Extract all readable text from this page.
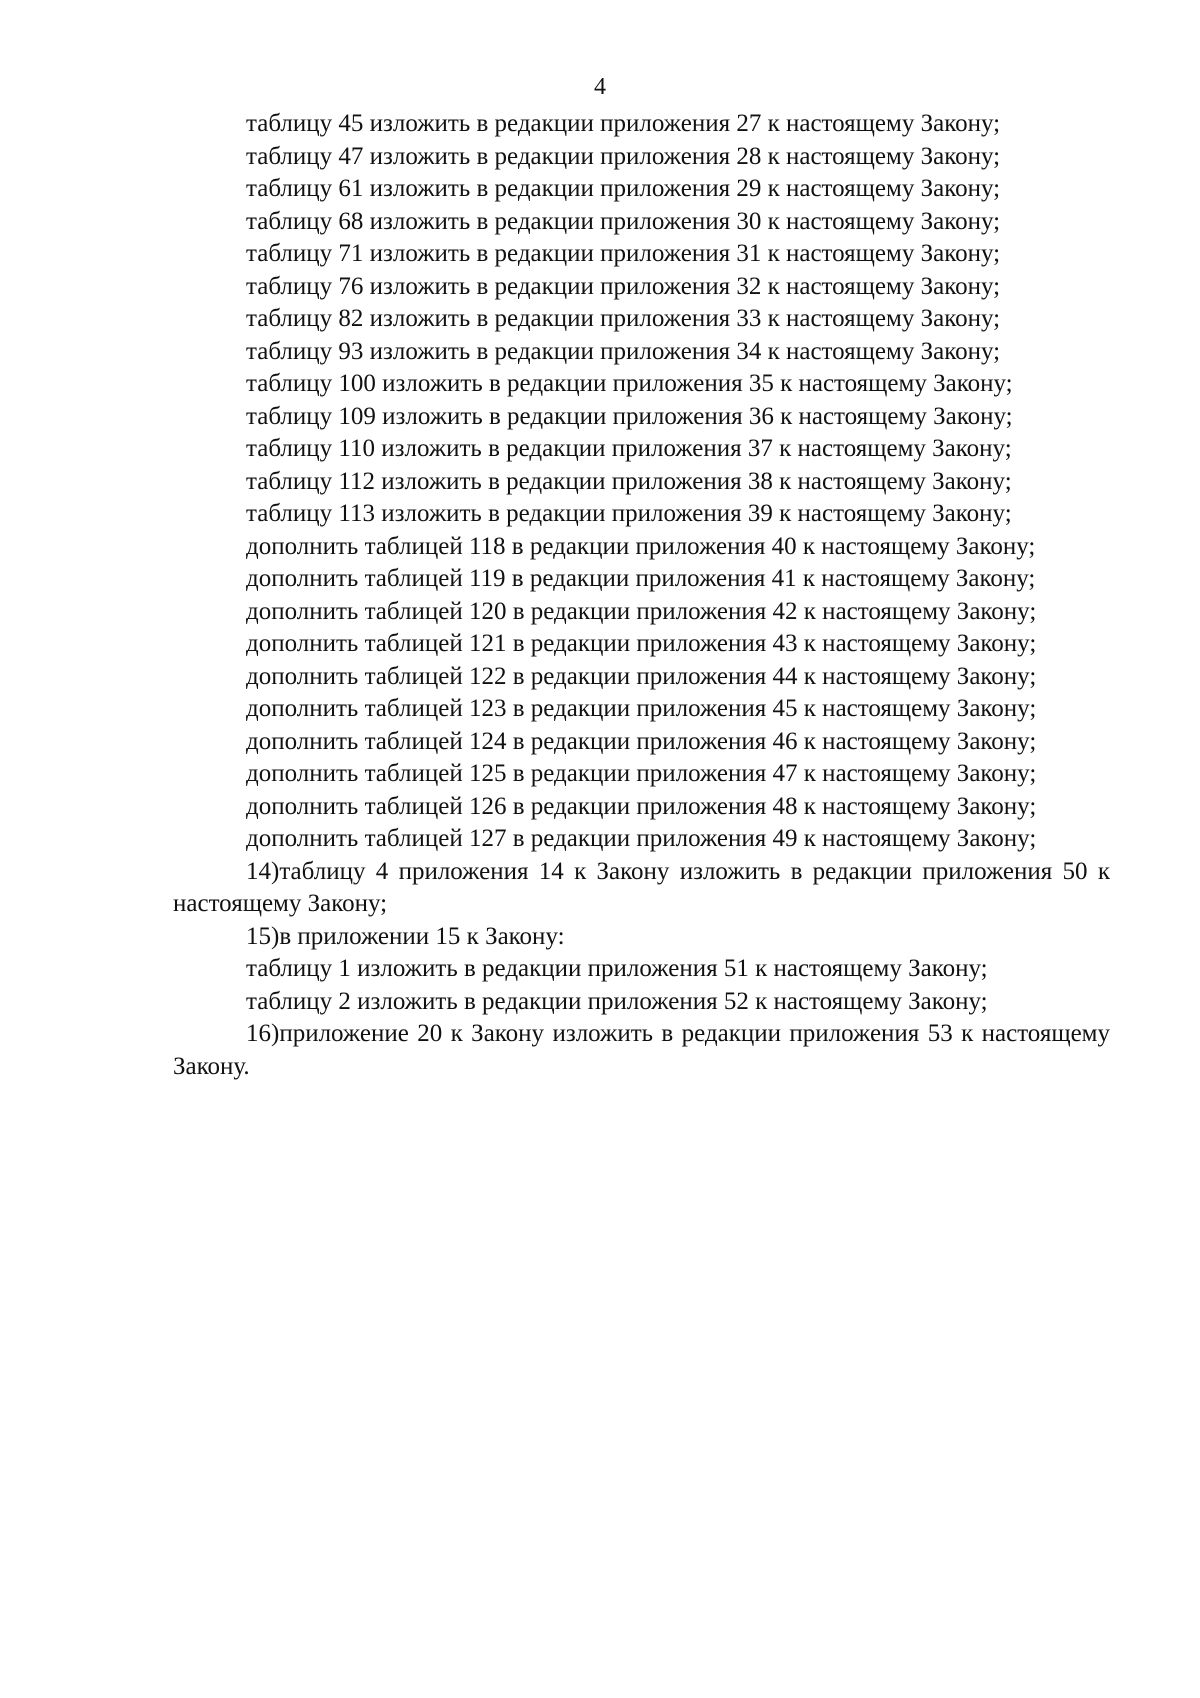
4

таблицу 45 изложить в редакции приложения 27 к настоящему Закону;

таблицу 47 изложить в редакции приложения 28 к настоящему Закону;

таблицу 61 изложить в редакции приложения 29 к настоящему Закону;

таблицу 68 изложить в редакции приложения 30 к настоящему Закону;

таблицу 71 изложить в редакции приложения 31 к настоящему Закону;

таблицу 76 изложить в редакции приложения 32 к настоящему Закону;

таблицу 82 изложить в редакции приложения 33 к настоящему Закону;

таблицу 93 изложить в редакции приложения 34 к настоящему Закону;

таблицу 100 изложить в редакции приложения 35 к настоящему Закону;

таблицу 109 изложить в редакции приложения 36 к настоящему Закону;

таблицу 110 изложить в редакции приложения 37 к настоящему Закону;

таблицу 112 изложить в редакции приложения 38 к настоящему Закону;

таблицу 113 изложить в редакции приложения 39 к настоящему Закону;

дополнить таблицей 118 в редакции приложения 40 к настоящему Закону;

дополнить таблицей 119 в редакции приложения 41 к настоящему Закону;

дополнить таблицей 120 в редакции приложения 42 к настоящему Закону;

дополнить таблицей 121 в редакции приложения 43 к настоящему Закону;

дополнить таблицей 122 в редакции приложения 44 к настоящему Закону;

дополнить таблицей 123 в редакции приложения 45 к настоящему Закону;

дополнить таблицей 124 в редакции приложения 46 к настоящему Закону;

дополнить таблицей 125 в редакции приложения 47 к настоящему Закону;

дополнить таблицей 126 в редакции приложения 48 к настоящему Закону;

дополнить таблицей 127 в редакции приложения 49 к настоящему Закону;

14)таблицу 4 приложения 14 к Закону изложить в редакции приложения 50 к настоящему Закону;

15)в приложении 15 к Закону:

таблицу 1 изложить в редакции приложения 51 к настоящему Закону;

таблицу 2 изложить в редакции приложения 52 к настоящему Закону;

16)приложение 20 к Закону изложить в редакции приложения 53 к настоящему Закону.
